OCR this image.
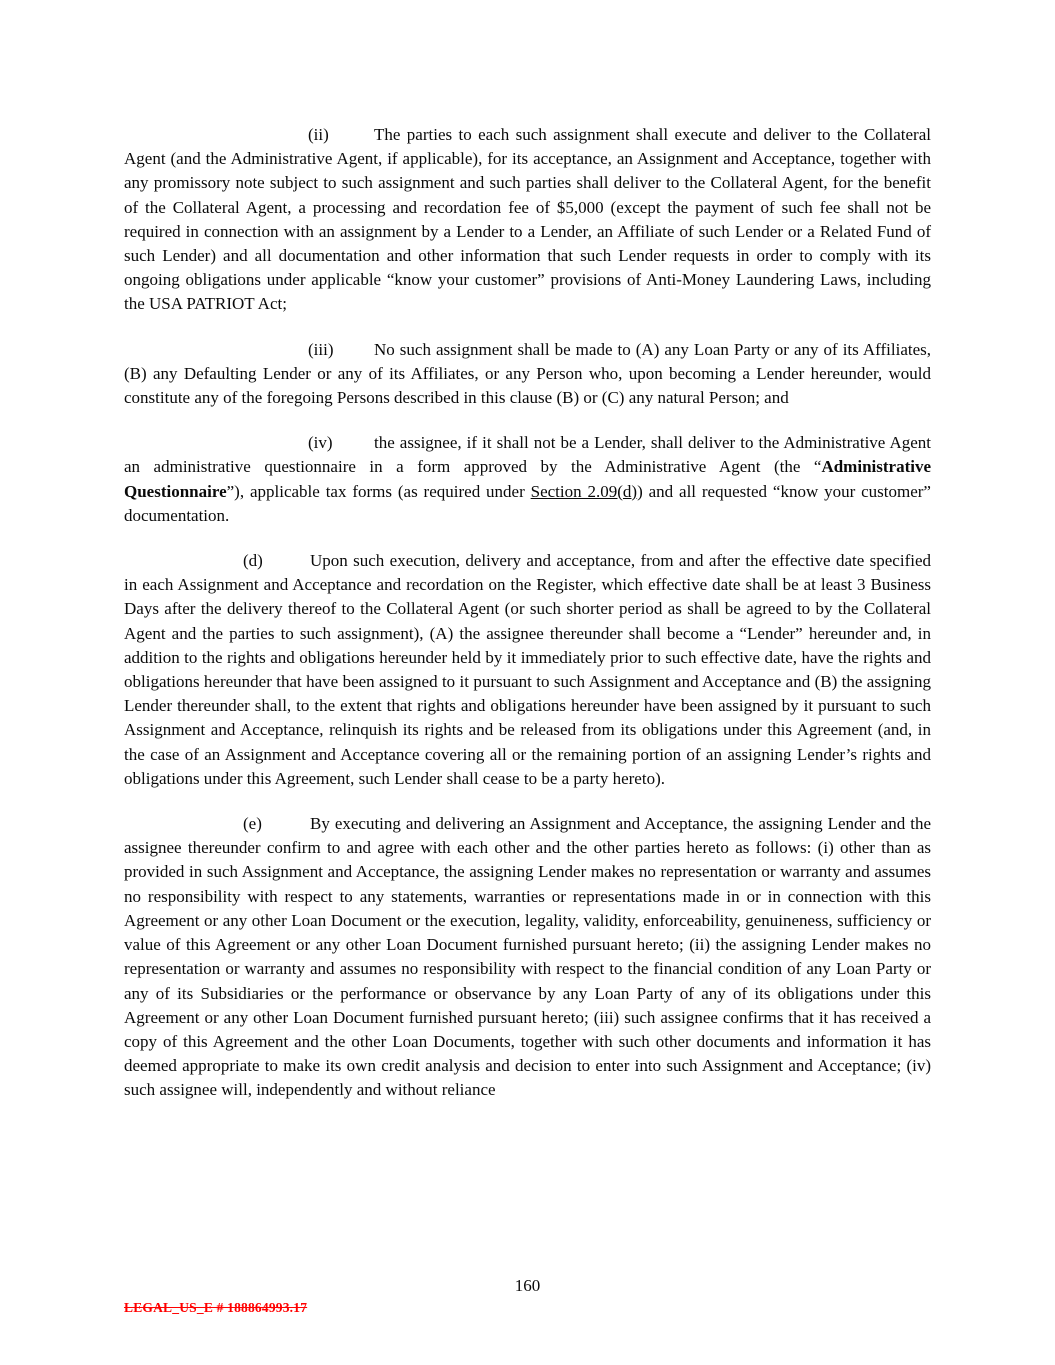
(ii)	The parties to each such assignment shall execute and deliver to the Collateral Agent (and the Administrative Agent, if applicable), for its acceptance, an Assignment and Acceptance, together with any promissory note subject to such assignment and such parties shall deliver to the Collateral Agent, for the benefit of the Collateral Agent, a processing and recordation fee of $5,000 (except the payment of such fee shall not be required in connection with an assignment by a Lender to a Lender, an Affiliate of such Lender or a Related Fund of such Lender) and all documentation and other information that such Lender requests in order to comply with its ongoing obligations under applicable “know your customer” provisions of Anti-Money Laundering Laws, including the USA PATRIOT Act;

(iii) No such assignment shall be made to (A) any Loan Party or any of its Affiliates, (B) any Defaulting Lender or any of its Affiliates, or any Person who, upon becoming a Lender hereunder, would constitute any of the foregoing Persons described in this clause (B) or (C) any natural Person; and

(iv) the assignee, if it shall not be a Lender, shall deliver to the Administrative Agent an administrative questionnaire in a form approved by the Administrative Agent (the “Administrative Questionnaire”), applicable tax forms (as required under Section 2.09(d)) and all requested “know your customer” documentation.

(d)	Upon such execution, delivery and acceptance, from and after the effective date specified in each Assignment and Acceptance and recordation on the Register, which effective date shall be at least 3 Business Days after the delivery thereof to the Collateral Agent (or such shorter period as shall be agreed to by the Collateral Agent and the parties to such assignment), (A) the assignee thereunder shall become a “Lender” hereunder and, in addition to the rights and obligations hereunder held by it immediately prior to such effective date, have the rights and obligations hereunder that have been assigned to it pursuant to such Assignment and Acceptance and (B) the assigning Lender thereunder shall, to the extent that rights and obligations hereunder have been assigned by it pursuant to such Assignment and Acceptance, relinquish its rights and be released from its obligations under this Agreement (and, in the case of an Assignment and Acceptance covering all or the remaining portion of an assigning Lender’s rights and obligations under this Agreement, such Lender shall cease to be a party hereto).

(e)	By executing and delivering an Assignment and Acceptance, the assigning Lender and the assignee thereunder confirm to and agree with each other and the other parties hereto as follows: (i) other than as provided in such Assignment and Acceptance, the assigning Lender makes no representation or warranty and assumes no responsibility with respect to any statements, warranties or representations made in or in connection with this Agreement or any other Loan Document or the execution, legality, validity, enforceability, genuineness, sufficiency or value of this Agreement or any other Loan Document furnished pursuant hereto; (ii) the assigning Lender makes no representation or warranty and assumes no responsibility with respect to the financial condition of any Loan Party or any of its Subsidiaries or the performance or observance by any Loan Party of any of its obligations under this Agreement or any other Loan Document furnished pursuant hereto; (iii) such assignee confirms that it has received a copy of this Agreement and the other Loan Documents, together with such other documents and information it has deemed appropriate to make its own credit analysis and decision to enter into such Assignment and Acceptance; (iv) such assignee will, independently and without reliance

160
LEGAL_US_E # 188864993.17
